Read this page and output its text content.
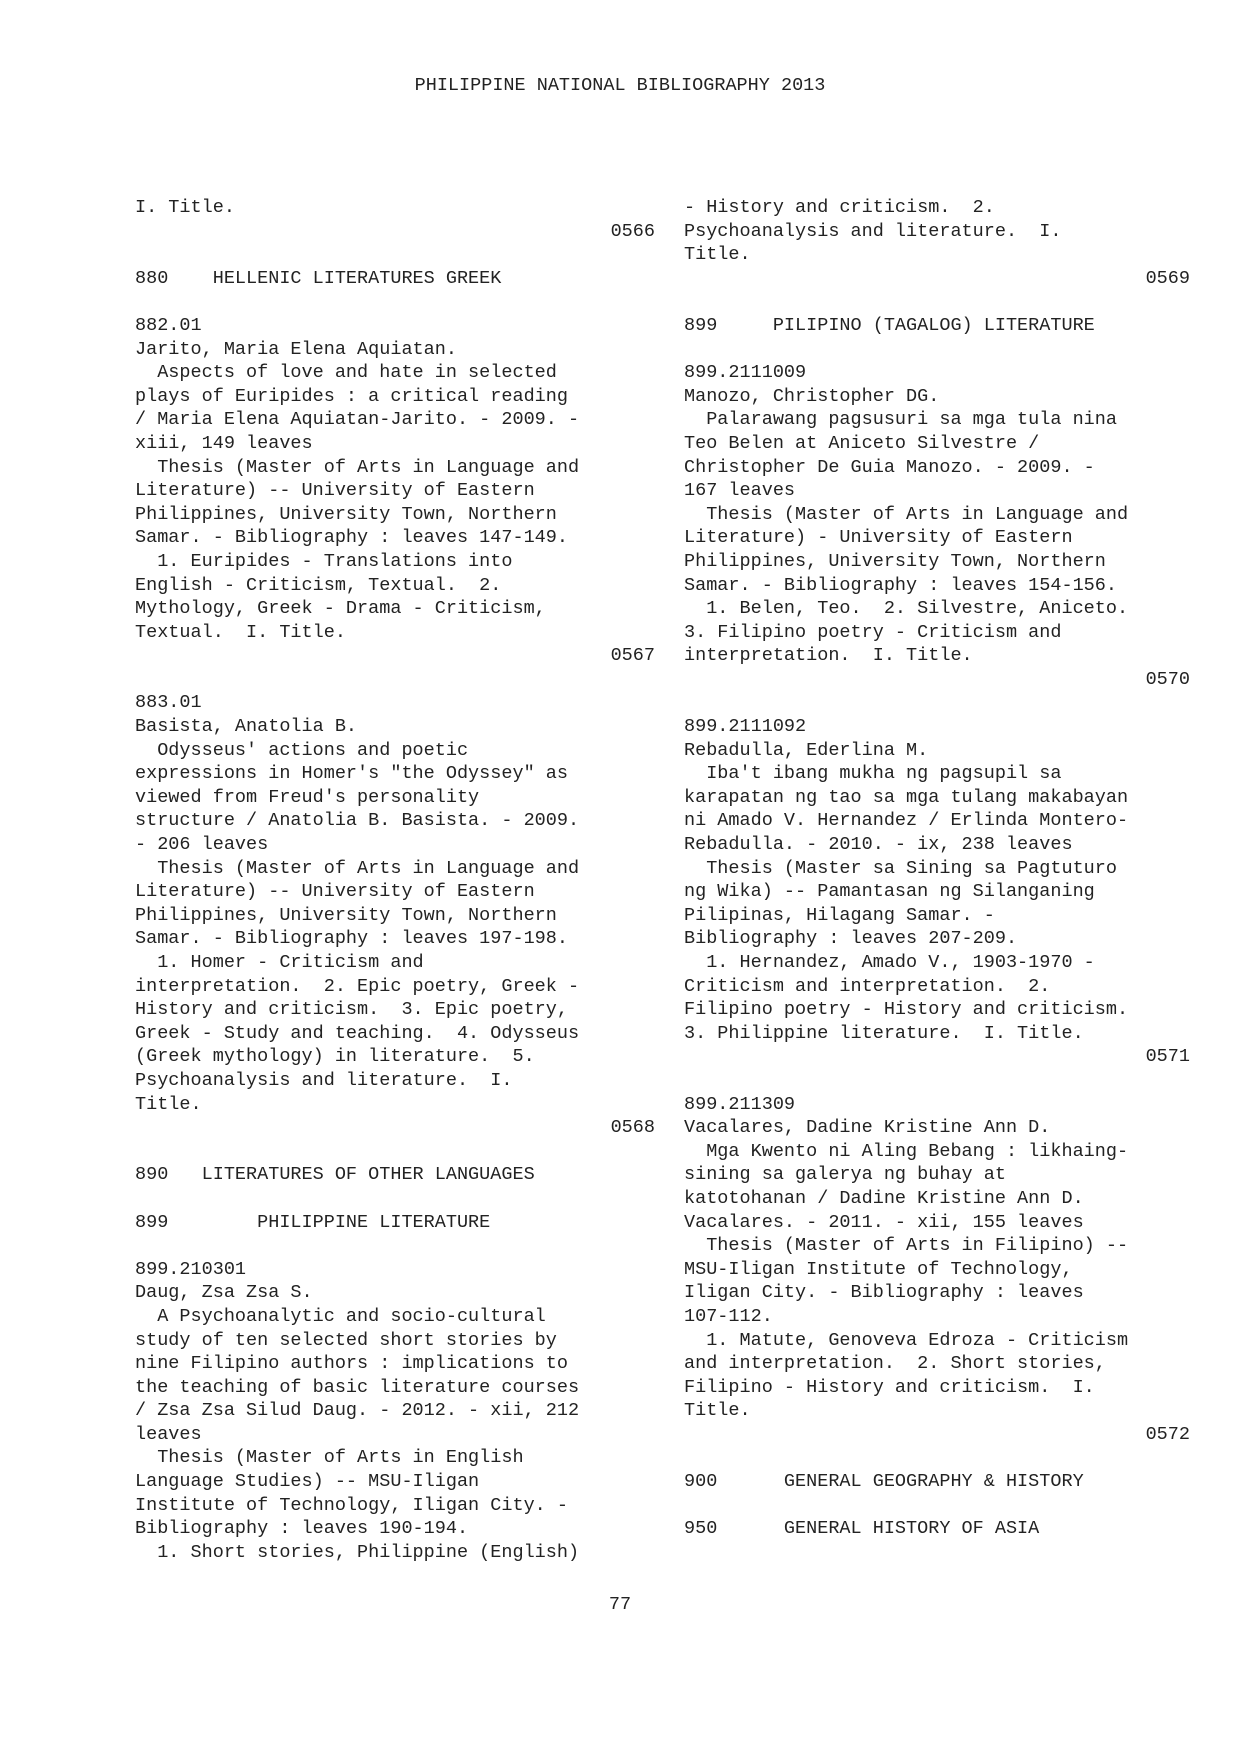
PHILIPPINE NATIONAL BIBLIOGRAPHY 2013
I. Title.
0566
880    HELLENIC LITERATURES GREEK
882.01
Jarito, Maria Elena Aquiatan.
Aspects of love and hate in selected
plays of Euripides : a critical reading
/ Maria Elena Aquiatan-Jarito. - 2009. -
xiii, 149 leaves
Thesis (Master of Arts in Language and
Literature) -- University of Eastern
Philippines, University Town, Northern
Samar. - Bibliography : leaves 147-149.
1. Euripides - Translations into
English - Criticism, Textual.  2.
Mythology, Greek - Drama - Criticism,
Textual.  I. Title.
0567
883.01
Basista, Anatolia B.
Odysseus' actions and poetic
expressions in Homer's "the Odyssey" as
viewed from Freud's personality
structure / Anatolia B. Basista. - 2009.
- 206 leaves
Thesis (Master of Arts in Language and
Literature) -- University of Eastern
Philippines, University Town, Northern
Samar. - Bibliography : leaves 197-198.
1. Homer - Criticism and
interpretation.  2. Epic poetry, Greek -
History and criticism.  3. Epic poetry,
Greek - Study and teaching.  4. Odysseus
(Greek mythology) in literature.  5.
Psychoanalysis and literature.  I.
Title.
0568
890   LITERATURES OF OTHER LANGUAGES
899        PHILIPPINE LITERATURE
899.210301
Daug, Zsa Zsa S.
A Psychoanalytic and socio-cultural
study of ten selected short stories by
nine Filipino authors : implications to
the teaching of basic literature courses
/ Zsa Zsa Silud Daug. - 2012. - xii, 212
leaves
Thesis (Master of Arts in English
Language Studies) -- MSU-Iligan
Institute of Technology, Iligan City. -
Bibliography : leaves 190-194.
1. Short stories, Philippine (English)
- History and criticism.  2.
Psychoanalysis and literature.  I.
Title.
0569
899     PILIPINO (TAGALOG) LITERATURE
899.2111009
Manozo, Christopher DG.
Palarawang pagsusuri sa mga tula nina
Teo Belen at Aniceto Silvestre /
Christopher De Guia Manozo. - 2009. -
167 leaves
Thesis (Master of Arts in Language and
Literature) - University of Eastern
Philippines, University Town, Northern
Samar. - Bibliography : leaves 154-156.
1. Belen, Teo.  2. Silvestre, Aniceto.
3. Filipino poetry - Criticism and
interpretation.  I. Title.
0570
899.2111092
Rebadulla, Ederlina M.
Iba't ibang mukha ng pagsupil sa
karapatan ng tao sa mga tulang makabayan
ni Amado V. Hernandez / Erlinda Montero-
Rebadulla. - 2010. - ix, 238 leaves
Thesis (Master sa Sining sa Pagtuturo
ng Wika) -- Pamantasan ng Silanganing
Pilipinas, Hilagang Samar. -
Bibliography : leaves 207-209.
1. Hernandez, Amado V., 1903-1970 -
Criticism and interpretation.  2.
Filipino poetry - History and criticism.
3. Philippine literature.  I. Title.
0571
899.211309
Vacalares, Dadine Kristine Ann D.
Mga Kwento ni Aling Bebang : likhaing-
sining sa galerya ng buhay at
katotohanan / Dadine Kristine Ann D.
Vacalares. - 2011. - xii, 155 leaves
Thesis (Master of Arts in Filipino) --
MSU-Iligan Institute of Technology,
Iligan City. - Bibliography : leaves
107-112.
1. Matute, Genoveva Edroza - Criticism
and interpretation.  2. Short stories,
Filipino - History and criticism.  I.
Title.
0572
900      GENERAL GEOGRAPHY & HISTORY
950      GENERAL HISTORY OF ASIA
77
